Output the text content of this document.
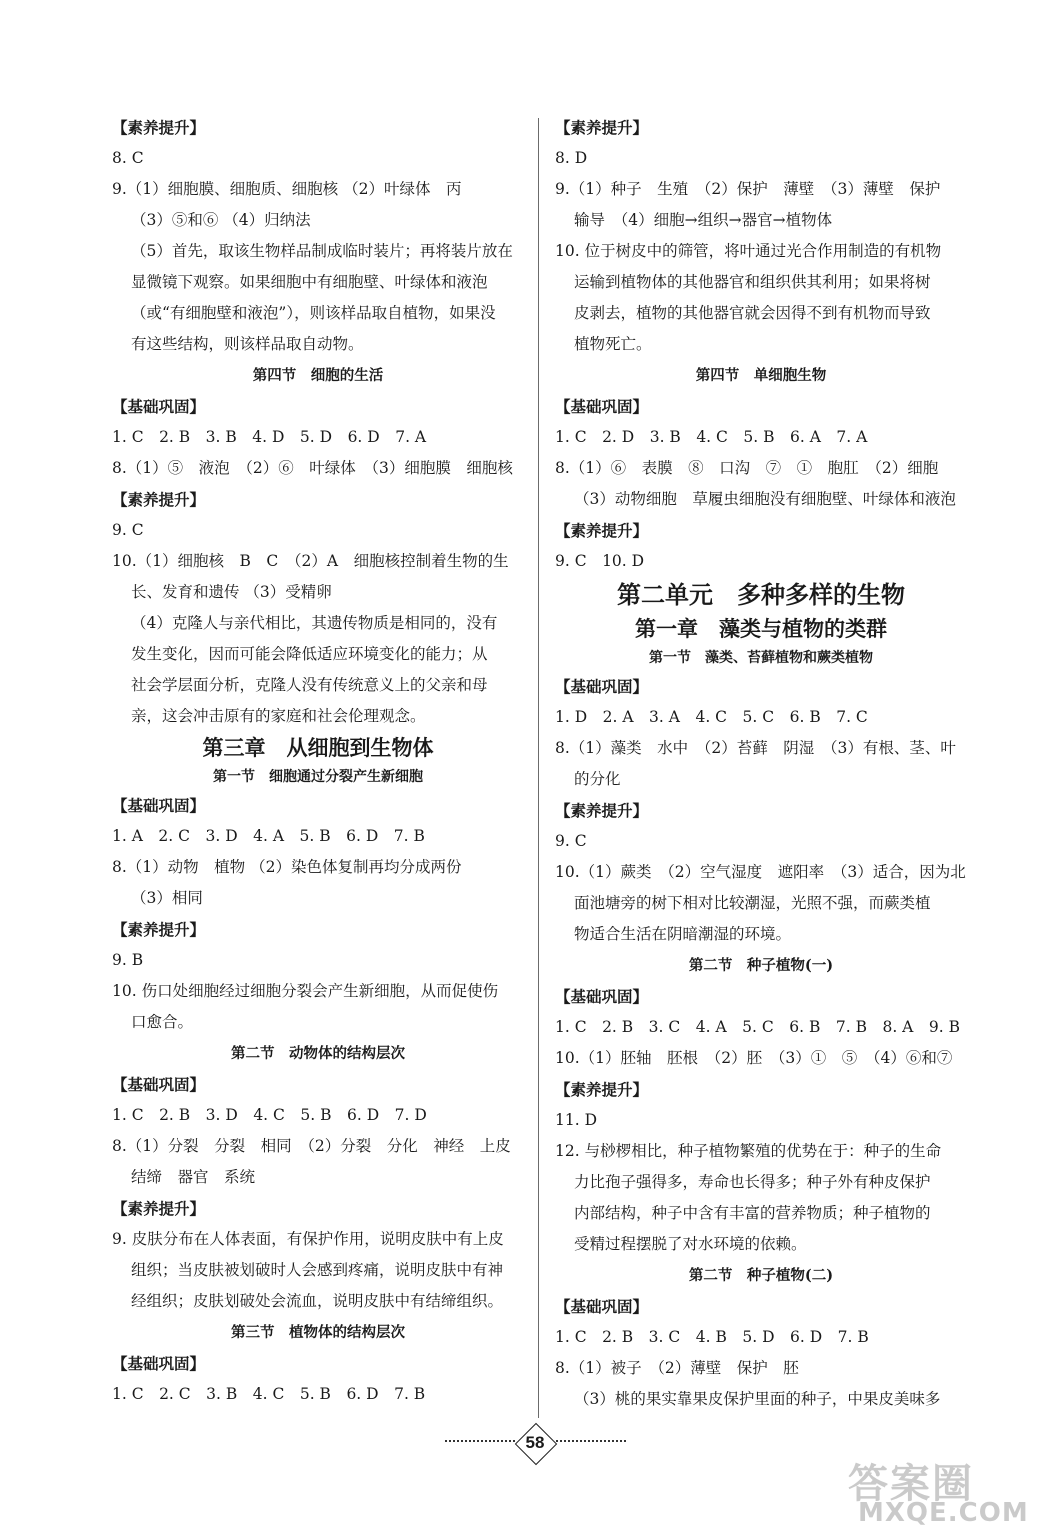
【素养提升】
8. C
9.（1）细胞膜、细胞质、细胞核 （2）叶绿体　丙
（3）⑤和⑥ （4）归纳法
（5）首先，取该生物样品制成临时装片；再将装片放在
显微镜下观察。如果细胞中有细胞壁、叶绿体和液泡
（或“有细胞壁和液泡”），则该样品取自植物，如果没
有这些结构，则该样品取自动物。
第四节　细胞的生活
【基础巩固】
1. C　2. B　3. B　4. D　5. D　6. D　7. A
8.（1）⑤　液泡　（2）⑥　叶绿体　（3）细胞膜　细胞核
【素养提升】
9. C
10.（1）细胞核　B　C　（2）A　细胞核控制着生物的生
长、发育和遗传 （3）受精卵
（4）克隆人与亲代相比，其遗传物质是相同的，没有
发生变化，因而可能会降低适应环境变化的能力；从
社会学层面分析，克隆人没有传统意义上的父亲和母
亲，这会冲击原有的家庭和社会伦理观念。
第三章　从细胞到生物体
第一节　细胞通过分裂产生新细胞
【基础巩固】
1. A　2. C　3. D　4. A　5. B　6. D　7. B
8.（1）动物　植物 （2）染色体复制再均分成两份
（3）相同
【素养提升】
9. B
10. 伤口处细胞经过细胞分裂会产生新细胞，从而促使伤
口愈合。
第二节　动物体的结构层次
【基础巩固】
1. C　2. B　3. D　4. C　5. B　6. D　7. D
8.（1）分裂　分裂　相同　（2）分裂　分化　神经　上皮
结缔　器官　系统
【素养提升】
9. 皮肤分布在人体表面，有保护作用，说明皮肤中有上皮
组织；当皮肤被划破时人会感到疼痛，说明皮肤中有神
经组织；皮肤划破处会流血，说明皮肤中有结缔组织。
第三节　植物体的结构层次
【基础巩固】
1. C　2. C　3. B　4. C　5. B　6. D　7. B
【素养提升】
8. D
9.（1）种子　生殖　（2）保护　薄壁　（3）薄壁　保护
输导　（4）细胞→组织→器官→植物体
10. 位于树皮中的筛管，将叶通过光合作用制造的有机物
运输到植物体的其他器官和组织供其利用；如果将树
皮剥去，植物的其他器官就会因得不到有机物而导致
植物死亡。
第四节　单细胞生物
【基础巩固】
1. C　2. D　3. B　4. C　5. B　6. A　7. A
8.（1）⑥　表膜　⑧　口沟　⑦　①　胞肛　（2）细胞
（3）动物细胞　草履虫细胞没有细胞壁、叶绿体和液泡
【素养提升】
9. C　10. D
第二单元　多种多样的生物
第一章　藻类与植物的类群
第一节　藻类、苔藓植物和蕨类植物
【基础巩固】
1. D　2. A　3. A　4. C　5. C　6. B　7. C
8.（1）藻类　水中　（2）苔藓　阴湿　（3）有根、茎、叶
的分化
【素养提升】
9. C
10.（1）蕨类　（2）空气湿度　遮阳率　（3）适合，因为北
面池塘旁的树下相对比较潮湿，光照不强，而蕨类植
物适合生活在阴暗潮湿的环境。
第二节　种子植物(一)
【基础巩固】
1. C　2. B　3. C　4. A　5. C　6. B　7. B　8. A　9. B
10.（1）胚轴　胚根　（2）胚　（3）①　⑤　（4）⑥和⑦
【素养提升】
11. D
12. 与桫椤相比，种子植物繁殖的优势在于：种子的生命
力比孢子强得多，寿命也长得多；种子外有种皮保护
内部结构，种子中含有丰富的营养物质；种子植物的
受精过程摆脱了对水环境的依赖。
第二节　种子植物(二)
【基础巩固】
1. C　2. B　3. C　4. B　5. D　6. D　7. B
8.（1）被子　（2）薄壁　保护　胚
（3）桃的果实靠果皮保护里面的种子，中果皮美味多
58
答案圈
MXQE.COM
